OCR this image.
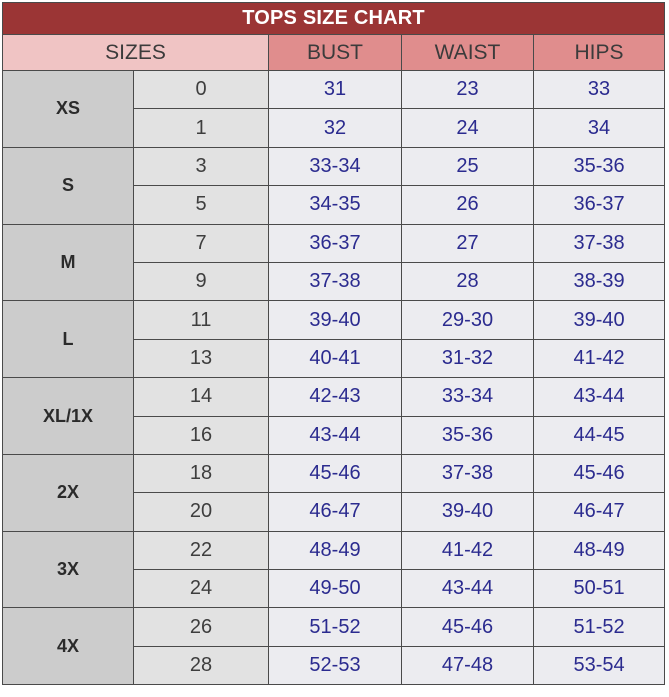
TOPS SIZE CHART				
SIZES		BUST	WAIST	HIPS
XS	0	31	23	33
	1	32	24	34
S	3	33-34	25	35-36
	5	34-35	26	36-37
M	7	36-37	27	37-38
	9	37-38	28	38-39
L	11	39-40	29-30	39-40
	13	40-41	31-32	41-42
XL/1X	14	42-43	33-34	43-44
	16	43-44	35-36	44-45
2X	18	45-46	37-38	45-46
	20	46-47	39-40	46-47
3X	22	48-49	41-42	48-49
	24	49-50	43-44	50-51
4X	26	51-52	45-46	51-52
	28	52-53	47-48	53-54
